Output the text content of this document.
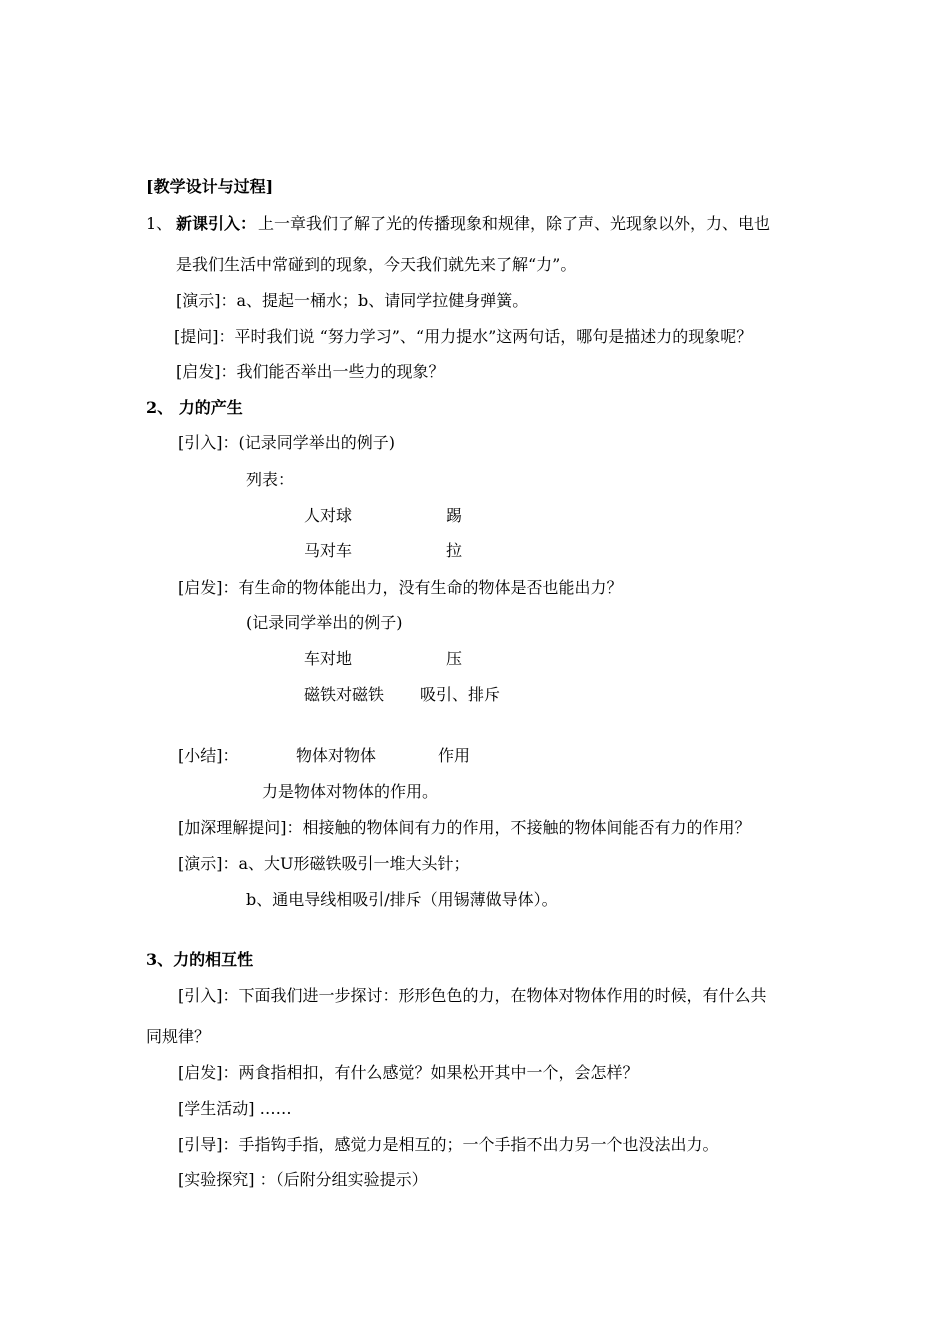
[教学设计与过程]
1、 新课引入： 上一章我们了解了光的传播现象和规律，除了声、光现象以外，力、电也
是我们生活中常碰到的现象，今天我们就先来了解“力”。
[演示]：a、提起一桶水；b、请同学拉健身弹簧。
[提问]：平时我们说 “努力学习”、“用力提水”这两句话，哪句是描述力的现象呢？
[启发]：我们能否举出一些力的现象？
2、 力的产生
[引入]：(记录同学举出的例子)
列表：
人对球	踢
马对车	拉
[启发]：有生命的物体能出力，没有生命的物体是否也能出力？
(记录同学举出的例子)
车对地	压
磁铁对磁铁 吸引、排斥
[小结]：	物体对物体	作用
力是物体对物体的作用。
[加深理解提问]：相接触的物体间有力的作用，不接触的物体间能否有力的作用？
[演示]：a、大U形磁铁吸引一堆大头针；
b、通电导线相吸引/排斥（用锡薄做导体）。
3、力的相互性
[引入]：下面我们进一步探讨：形形色色的力，在物体对物体作用的时候，有什么共
同规律？
[启发]：两食指相扣，有什么感觉？如果松开其中一个，会怎样？
[学生活动] ……
[引导]：手指钩手指，感觉力是相互的；一个手指不出力另一个也没法出力。
[实验探究] ：（后附分组实验提示）
